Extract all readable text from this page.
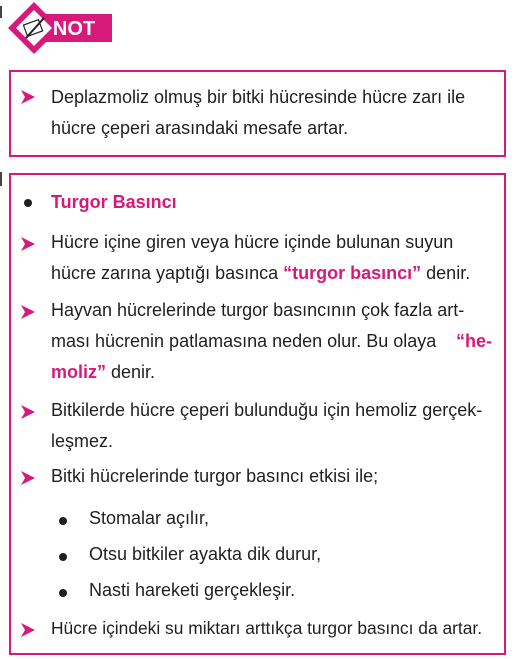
NOT
Deplazmoliz olmuş bir bitki hücresinde hücre zarı ile
hücre çeperi arasındaki mesafe artar.
Turgor Basıncı
Hücre içine giren veya hücre içinde bulunan suyun
hücre zarına yaptığı basınca “turgor basıncı” denir.
Hayvan hücrelerinde turgor basıncının çok fazla art-
ması hücrenin patlamasına neden olur. Bu olaya “he-
moliz” denir.
Bitkilerde hücre çeperi bulunduğu için hemoliz gerçek-
leşmez.
Bitki hücrelerinde turgor basıncı etkisi ile;
Stomalar açılır,
Otsu bitkiler ayakta dik durur,
Nasti hareketi gerçekleşir.
Hücre içindeki su miktarı arttıkça turgor basıncı da artar.
